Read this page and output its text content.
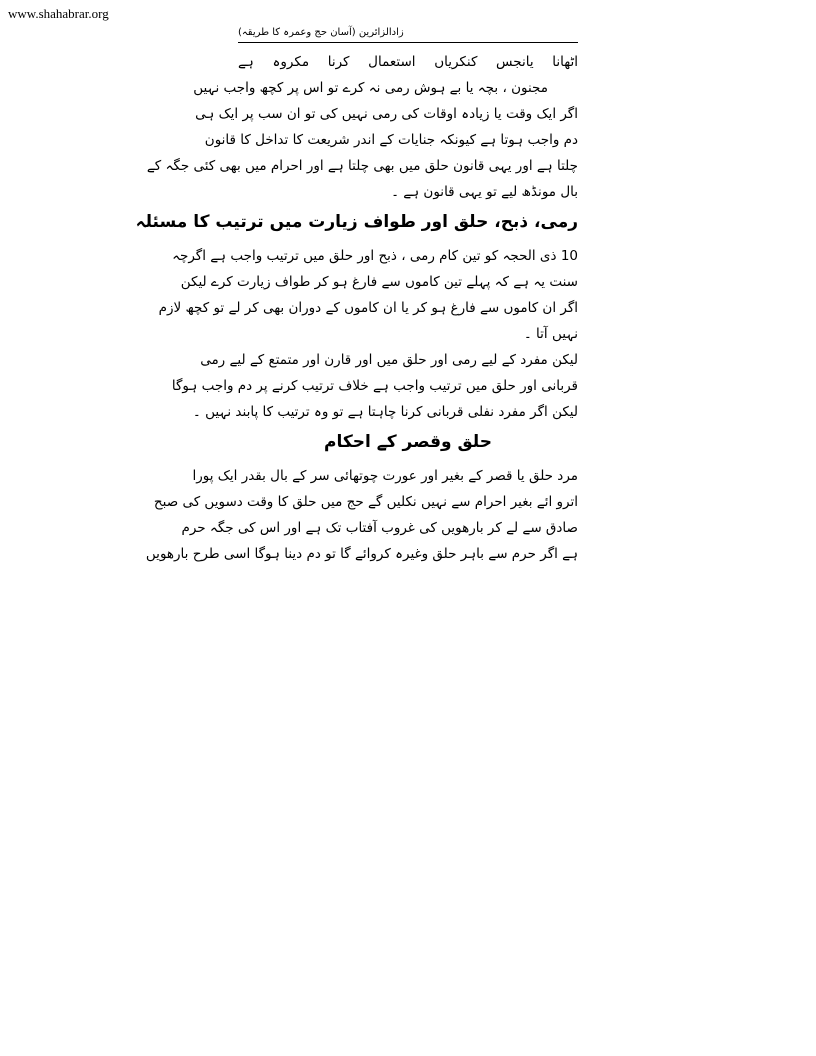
www.shahabrar.org
زادالزائرین (آسان حج وعمرہ کا طریقہ)
اٹھانا یانجس کنکریاں استعمال کرنا مکروہ ہے
مجنون ، بچہ یا بے ہوش رمی نہ کرے تو اس پر کچھ واجب نہیں
اگر ایک وقت یا زیادہ اوقات کی رمی نہیں کی تو ان سب پر ایک ہی
دم واجب ہوتا ہے کیونکہ جنایات کے اندر شریعت کا تداخل کا قانون
چلتا ہے اور یہی قانون حلق میں بھی چلتا ہے اور احرام میں بھی کئی جگہ کے
بال مونڈھ لیے تو یہی قانون ہے ۔
رمی، ذبح، حلق اور طواف زیارت میں ترتیب کا مسئلہ
10 ذی الحجہ کو تین کام رمی ، ذبح اور حلق میں ترتیب واجب ہے اگرچہ
سنت یہ ہے کہ پہلے تین کاموں سے فارغ ہو کر طواف زیارت کرے لیکن
اگر ان کاموں سے فارغ ہو کر یا ان کاموں کے دوران بھی کر لے تو کچھ لازم
نہیں آتا ۔
لیکن مفرد کے لیے رمی اور حلق میں اور قارن اور متمتع کے لیے رمی
قربانی اور حلق میں ترتیب واجب ہے خلاف ترتیب کرنے پر دم واجب ہوگا
لیکن اگر مفرد نفلی قربانی کرنا چاہتا ہے تو وہ ترتیب کا پابند نہیں ۔
حلق وقصر کے احکام
مرد حلق یا قصر کے بغیر اور عورت چوتھائی سر کے بال بقدر ایک پورا
اترو ائے بغیر احرام سے نہیں نکلیں گے حج میں حلق کا وقت دسویں کی صبح
صادق سے لے کر بارھویں کی غروب آفتاب تک ہے اور اس کی جگہ حرم
ہے اگر حرم سے باہر حلق وغیرہ کروائے گا تو دم دینا ہوگا اسی طرح بارھویں
